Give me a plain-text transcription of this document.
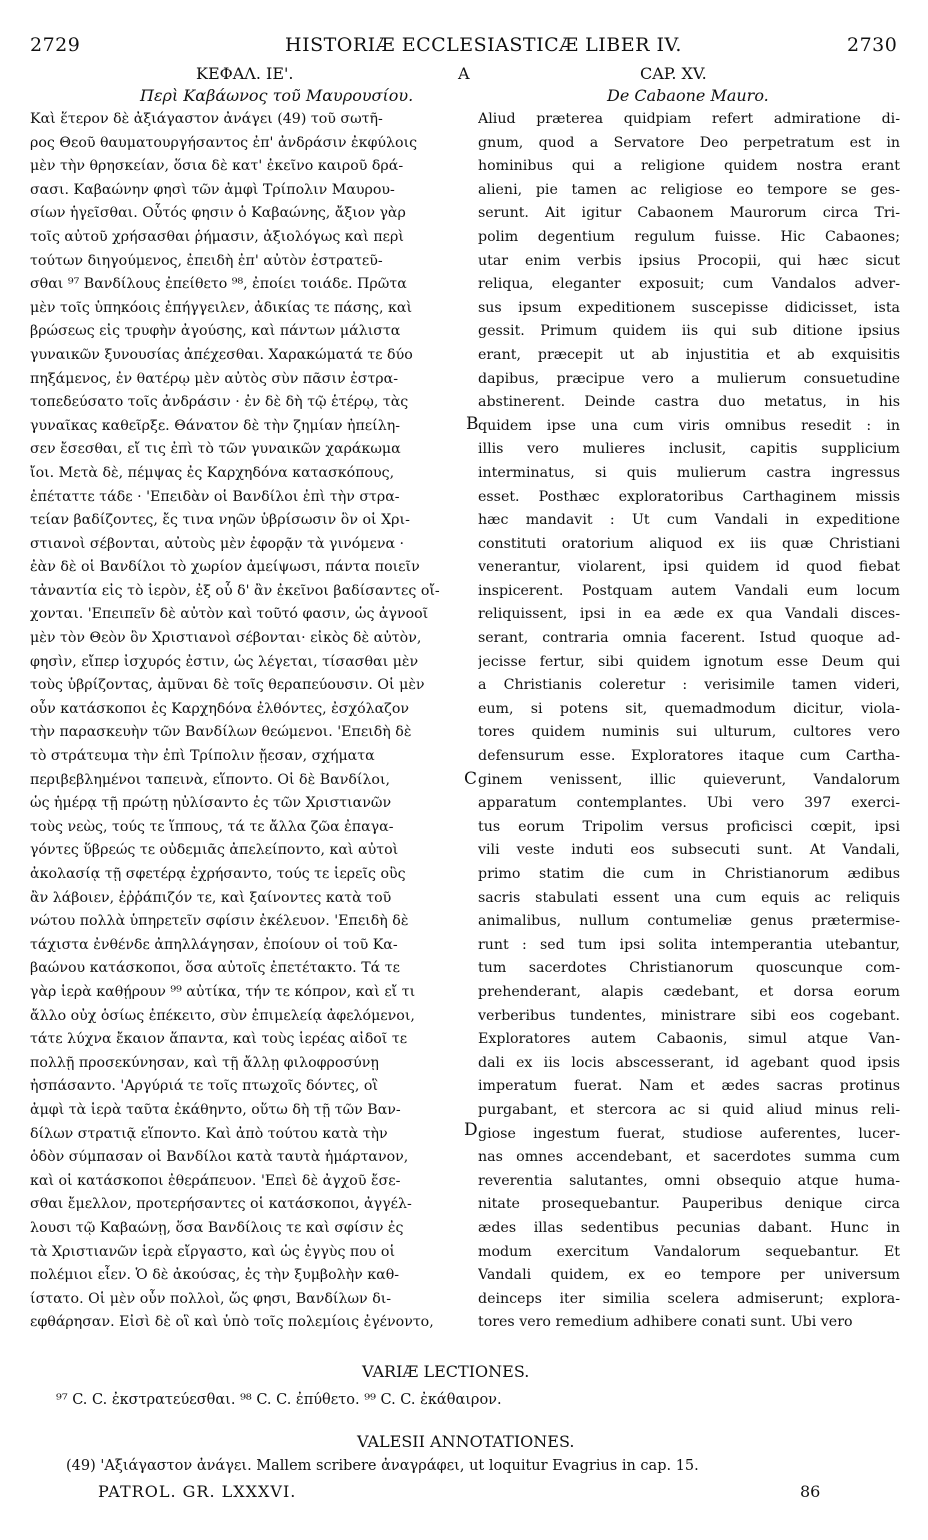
2729	HISTORIÆ ECCLESIASTICÆ LIBER IV.	2730
ΚΕΦΑΛ. ΙΕ'.	A	CAP. XV.
Περὶ Καβάωνος τοῦ Μαυρουσίου.	De Cabaone Mauro.
Καὶ ἕτερον δὲ ἀξιάγαστον ἀνάγει (49) τοῦ σωτῆ-
ρος Θεοῦ θαυματουργήσαντος ἐπ' ἀνδράσιν ἐκφύλοις
μὲν τὴν θρησκείαν, ὅσια δὲ κατ' ἐκεῖνο καιροῦ δρά-
σασι. Καβαώνην φησὶ τῶν ἀμφὶ Τρίπολιν Μαυρου-
σίων ἡγεῖσθαι. Οὗτός φησιν ὁ Καβαώνης, ἄξιον γὰρ
τοῖς αὐτοῦ χρήσασθαι ῥήμασιν, ἀξιολόγως καὶ περὶ
τούτων διηγούμενος, ἐπειδὴ ἐπ' αὐτὸν ἐστρατεῦ-
σθαι ⁹⁷ Βανδίλους ἐπείθετο ⁹⁸, ἐποίει τοιάδε. Πρῶτα
μὲν τοῖς ὑπηκόοις ἐπήγγειλεν, ἀδικίας τε πάσης, καὶ
βρώσεως εἰς τρυφὴν ἀγούσης, καὶ πάντων μάλιστα
γυναικῶν ξυνουσίας ἀπέχεσθαι. Χαρακώματά τε δύο
πηξάμενος, ἐν θατέρῳ μὲν αὐτὸς σὺν πᾶσιν ἐστρα-
τοπεδεύσατο τοῖς ἀνδράσιν · ἐν δὲ δὴ τῷ ἑτέρῳ, τὰς
γυναῖκας καθεῖρξε. Θάνατον δὲ τὴν ζημίαν ἠπείλη-
σεν ἔσεσθαι, εἴ τις ἐπὶ τὸ τῶν γυναικῶν χαράκωμα
ἴοι. Μετὰ δὲ, πέμψας ἐς Καρχηδόνα κατασκόπους,
ἐπέταττε τάδε · 'Επειδὰν οἱ Βανδίλοι ἐπὶ τὴν στρα-
τείαν βαδίζοντες, ἔς τινα νηῶν ὑβρίσωσιν ὃν οἱ Χρι-
στιανοὶ σέβονται, αὐτοὺς μὲν ἐφορᾷν τὰ γινόμενα ·
ἐὰν δὲ οἱ Βανδίλοι τὸ χωρίον ἀμείψωσι, πάντα ποιεῖν
τἀναντία εἰς τὸ ἱερὸν, ἐξ οὗ δ' ἂν ἐκεῖνοι βαδίσαντες οἴ-
χονται. 'Επειπεῖν δὲ αὐτὸν καὶ τοῦτό φασιν, ὡς ἀγνοοῖ
μὲν τὸν Θεὸν ὃν Χριστιανοὶ σέβονται· εἰκὸς δὲ αὐτὸν,
φησὶν, εἴπερ ἰσχυρός ἐστιν, ὡς λέγεται, τίσασθαι μὲν
τοὺς ὑβρίζοντας, ἀμῦναι δὲ τοῖς θεραπεύουσιν. Οἱ μὲν
οὖν κατάσκοποι ἐς Καρχηδόνα ἐλθόντες, ἐσχόλαζον
τὴν παρασκευὴν τῶν Βανδίλων θεώμενοι. 'Επειδὴ δὲ
τὸ στράτευμα τὴν ἐπὶ Τρίπολιν ᾔεσαν, σχήματα
περιβεβλημένοι ταπεινὰ, εἵποντο. Οἱ δὲ Βανδίλοι,
ὡς ἡμέρᾳ τῇ πρώτῃ ηὐλίσαντο ἐς τῶν Χριστιανῶν
τοὺς νεὼς, τούς τε ἵππους, τά τε ἄλλα ζῶα ἐπαγα-
γόντες ὕβρεώς τε οὐδεμιᾶς ἀπελείποντο, καὶ αὐτοὶ
ἀκολασίᾳ τῇ σφετέρᾳ ἐχρήσαντο, τούς τε ἱερεῖς οὓς
ἂν λάβοιεν, ἐῤῥάπιζόν τε, καὶ ξαίνοντες κατὰ τοῦ
νώτου πολλὰ ὑπηρετεῖν σφίσιν ἐκέλευον. 'Επειδὴ δὲ
τάχιστα ἐνθένδε ἀπηλλάγησαν, ἐποίουν οἱ τοῦ Κα-
βαώνου κατάσκοποι, ὅσα αὐτοῖς ἐπετέτακτο. Τά τε
γὰρ ἱερὰ καθῄρουν ⁹⁹ αὐτίκα, τήν τε κόπρον, καὶ εἴ τι
ἄλλο οὐχ ὁσίως ἐπέκειτο, σὺν ἐπιμελείᾳ ἀφελόμενοι,
τάτε λύχνα ἔκαιον ἅπαντα, καὶ τοὺς ἱερέας αἰδοῖ τε
πολλῇ προσεκύνησαν, καὶ τῇ ἄλλῃ φιλοφροσύνῃ
ἠσπάσαντο. 'Αργύριά τε τοῖς πτωχοῖς δόντες, οἳ
ἀμφὶ τὰ ἱερὰ ταῦτα ἐκάθηντο, οὕτω δὴ τῇ τῶν Βαν-
δίλων στρατιᾷ εἵποντο. Καὶ ἀπὸ τούτου κατὰ τὴν
ὁδὸν σύμπασαν οἱ Βανδίλοι κατὰ ταυτὰ ἡμάρτανον,
καὶ οἱ κατάσκοποι ἐθεράπευον. 'Επεὶ δὲ ἀγχοῦ ἔσε-
σθαι ἔμελλον, προτερήσαντες οἱ κατάσκοποι, ἀγγέλ-
λουσι τῷ Καβαώνῃ, ὅσα Βανδίλοις τε καὶ σφίσιν ἐς
τὰ Χριστιανῶν ἱερὰ εἴργαστο, καὶ ὡς ἐγγὺς που οἱ
πολέμιοι εἶεν. Ὁ δὲ ἀκούσας, ἐς τὴν ξυμβολὴν καθ-
ίστατο. Οἱ μὲν οὖν πολλοὶ, ὥς φησι, Βανδίλων δι-
εφθάρησαν. Εἰσὶ δὲ οἳ καὶ ὑπὸ τοῖς πολεμίοις ἐγένοντο,
Aliud præterea quidpiam refert admiratione di-
gnum, quod a Servatore Deo perpetratum est in
hominibus qui a religione quidem nostra erant
alieni, pie tamen ac religiose eo tempore se ges-
serunt. Ait igitur Cabaonem Maurorum circa Tri-
polim degentium regulum fuisse. Hic Cabaones;
utar enim verbis ipsius Procopii, qui hæc sicut
reliqua, eleganter exposuit; cum Vandalos adver-
sus ipsum expeditionem suscepisse didicisset, ista
gessit. Primum quidem iis qui sub ditione ipsius
erant, præcepit ut ab injustitia et ab exquisitis
dapibus, præcipue vero a mulierum consuetudine
abstinerent. Deinde castra duo metatus, in his
quidem ipse una cum viris omnibus resedit : in
illis vero mulieres inclusit, capitis supplicium
interminatus, si quis mulierum castra ingressus
esset. Posthæc exploratoribus Carthaginem missis
hæc mandavit : Ut cum Vandali in expeditione
constituti oratorium aliquod ex iis quæ Christiani
venerantur, violarent, ipsi quidem id quod fiebat
inspicerent. Postquam autem Vandali eum locum
reliquissent, ipsi in ea æde ex qua Vandali disces-
serant, contraria omnia facerent. Istud quoque ad-
jecisse fertur, sibi quidem ignotum esse Deum qui
a Christianis coleretur : verisimile tamen videri,
eum, si potens sit, quemadmodum dicitur, viola-
tores quidem numinis sui ulturum, cultores vero
defensurum esse. Exploratores itaque cum Cartha-
ginem venissent, illic quieverunt, Vandalorum
apparatum contemplantes. Ubi vero 397 exerci-
tus eorum Tripolim versus proficisci cœpit, ipsi
vili veste induti eos subsecuti sunt. At Vandali,
primo statim die cum in Christianorum ædibus
sacris stabulati essent una cum equis ac reliquis
animalibus, nullum contumeliæ genus prætermise-
runt : sed tum ipsi solita intemperantia utebantur,
tum sacerdotes Christianorum quoscunque com-
prehenderant, alapis cædebant, et dorsa eorum
verberibus tundentes, ministrare sibi eos cogebant.
Exploratores autem Cabaonis, simul atque Van-
dali ex iis locis abscesserant, id agebant quod ipsis
imperatum fuerat. Nam et ædes sacras protinus
purgabant, et stercora ac si quid aliud minus reli-
giose ingestum fuerat, studiose auferentes, lucer-
nas omnes accendebant, et sacerdotes summa cum
reverentia salutantes, omni obsequio atque huma-
nitate prosequebantur. Pauperibus denique circa
ædes illas sedentibus pecunias dabant. Hunc in
modum exercitum Vandalorum sequebantur. Et
Vandali quidem, ex eo tempore per universum
deinceps iter similia scelera admiserunt; explora-
tores vero remedium adhibere conati sunt. Ubi vero
B
C
D
VARIÆ LECTIONES.
⁹⁷ C. C. ἐκστρατεύεσθαι. ⁹⁸ C. C. ἐπύθετο. ⁹⁹ C. C. ἐκάθαιρον.
VALESII ANNOTATIONES.
(49) 'Αξιάγαστον ἀνάγει. Mallem scribere ἀναγράφει, ut loquitur Evagrius in cap. 15.
PATROL. GR. LXXXVI.	86
